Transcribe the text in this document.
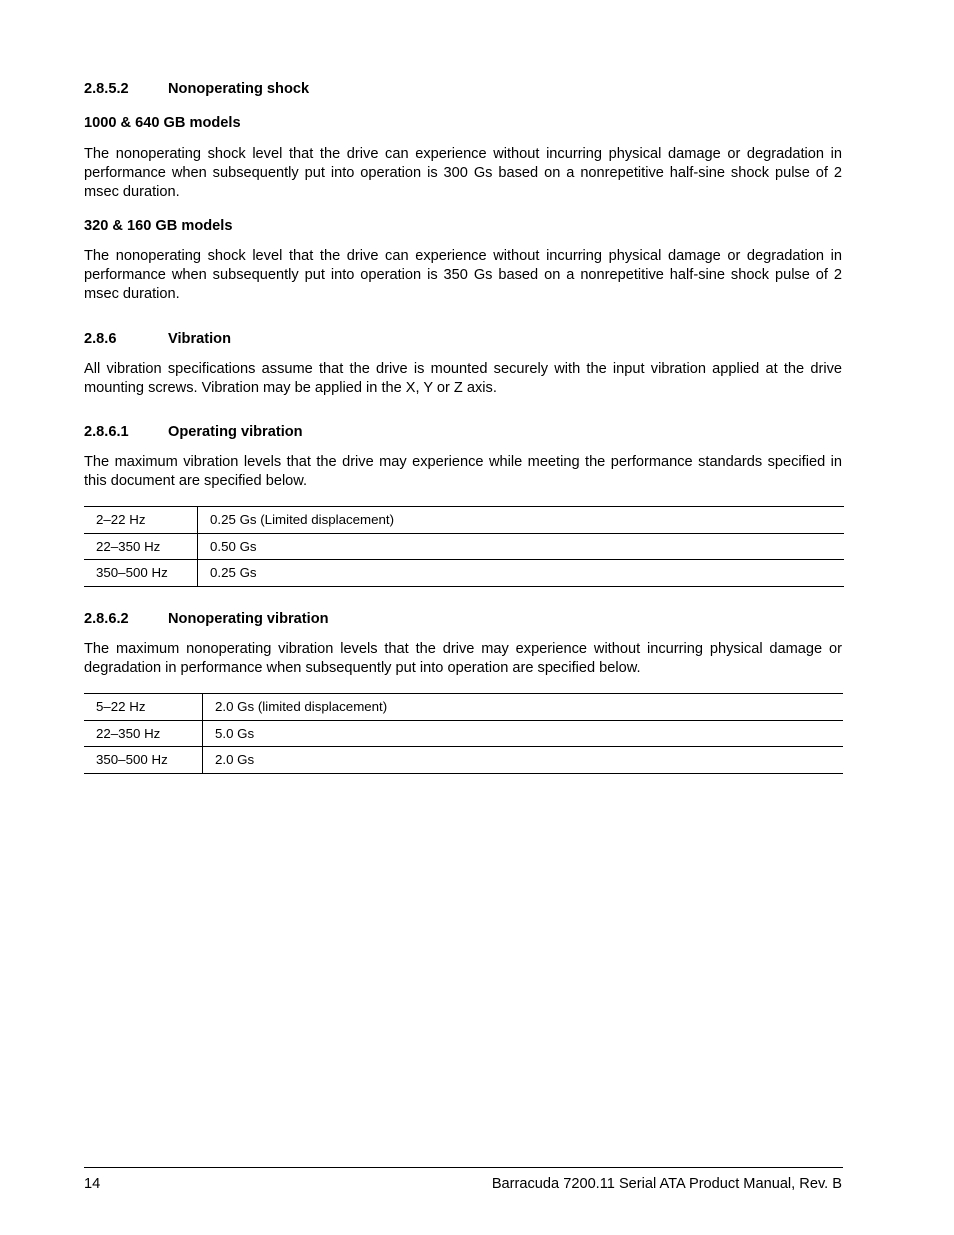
2.8.5.2	Nonoperating shock
1000 & 640 GB models

The nonoperating shock level that the drive can experience without incurring physical damage or degradation in performance when subsequently put into operation is 300 Gs based on a nonrepetitive half-sine shock pulse of 2 msec duration.

320 & 160 GB models

The nonoperating shock level that the drive can experience without incurring physical damage or degradation in performance when subsequently put into operation is 350 Gs based on a nonrepetitive half-sine shock pulse of 2 msec duration.

2.8.6	Vibration

All vibration specifications assume that the drive is mounted securely with the input vibration applied at the drive mounting screws. Vibration may be applied in the X, Y or Z axis.

2.8.6.1	Operating vibration

The maximum vibration levels that the drive may experience while meeting the performance standards specified in this document are specified below.

2–22 Hz	0.25 Gs (Limited displacement)
22–350 Hz	0.50 Gs
350–500 Hz	0.25 Gs
2.8.6.2	Nonoperating vibration

The maximum nonoperating vibration levels that the drive may experience without incurring physical damage or degradation in performance when subsequently put into operation are specified below.

5–22 Hz	2.0 Gs (limited displacement)
22–350 Hz	5.0 Gs
350–500 Hz	2.0 Gs
14	Barracuda 7200.11 Serial ATA Product Manual, Rev. B
